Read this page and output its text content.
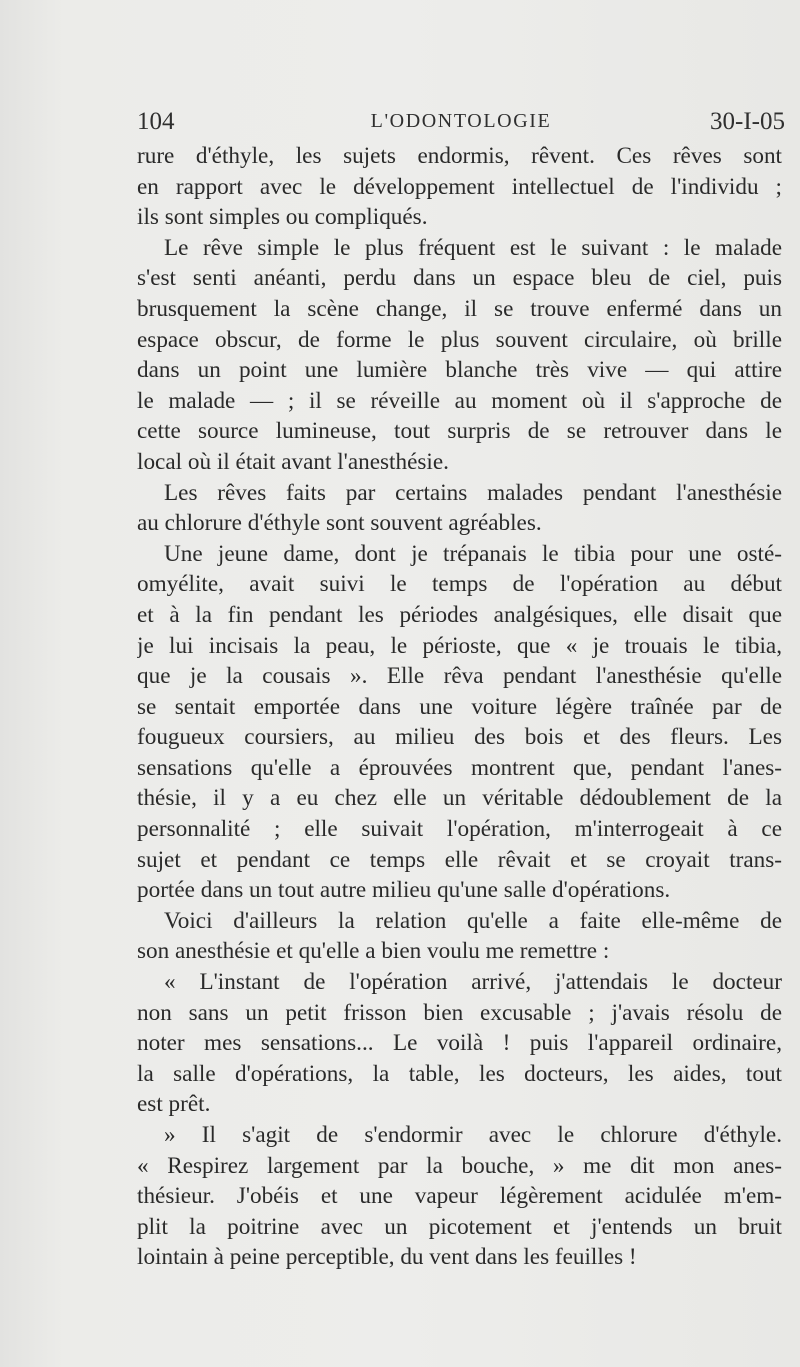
104	L'ODONTOLOGIE	30-I-05
rure d'éthyle, les sujets endormis, rêvent. Ces rêves sont
en rapport avec le développement intellectuel de l'individu ;
ils sont simples ou compliqués.
Le rêve simple le plus fréquent est le suivant : le malade
s'est senti anéanti, perdu dans un espace bleu de ciel, puis
brusquement la scène change, il se trouve enfermé dans un
espace obscur, de forme le plus souvent circulaire, où brille
dans un point une lumière blanche très vive — qui attire
le malade — ; il se réveille au moment où il s'approche de
cette source lumineuse, tout surpris de se retrouver dans le
local où il était avant l'anesthésie.
Les rêves faits par certains malades pendant l'anesthésie
au chlorure d'éthyle sont souvent agréables.
Une jeune dame, dont je trépanais le tibia pour une osté-
omyélite, avait suivi le temps de l'opération au début
et à la fin pendant les périodes analgésiques, elle disait que
je lui incisais la peau, le périoste, que « je trouais le tibia,
que je la cousais ». Elle rêva pendant l'anesthésie qu'elle
se sentait emportée dans une voiture légère traînée par de
fougueux coursiers, au milieu des bois et des fleurs. Les
sensations qu'elle a éprouvées montrent que, pendant l'anes-
thésie, il y a eu chez elle un véritable dédoublement de la
personnalité ; elle suivait l'opération, m'interrogeait à ce
sujet et pendant ce temps elle rêvait et se croyait trans-
portée dans un tout autre milieu qu'une salle d'opérations.
Voici d'ailleurs la relation qu'elle a faite elle-même de
son anesthésie et qu'elle a bien voulu me remettre :
« L'instant de l'opération arrivé, j'attendais le docteur
non sans un petit frisson bien excusable ; j'avais résolu de
noter mes sensations... Le voilà ! puis l'appareil ordinaire,
la salle d'opérations, la table, les docteurs, les aides, tout
est prêt.
» Il s'agit de s'endormir avec le chlorure d'éthyle.
« Respirez largement par la bouche, » me dit mon anes-
thésieur. J'obéis et une vapeur légèrement acidulée m'em-
plit la poitrine avec un picotement et j'entends un bruit
lointain à peine perceptible, du vent dans les feuilles !
